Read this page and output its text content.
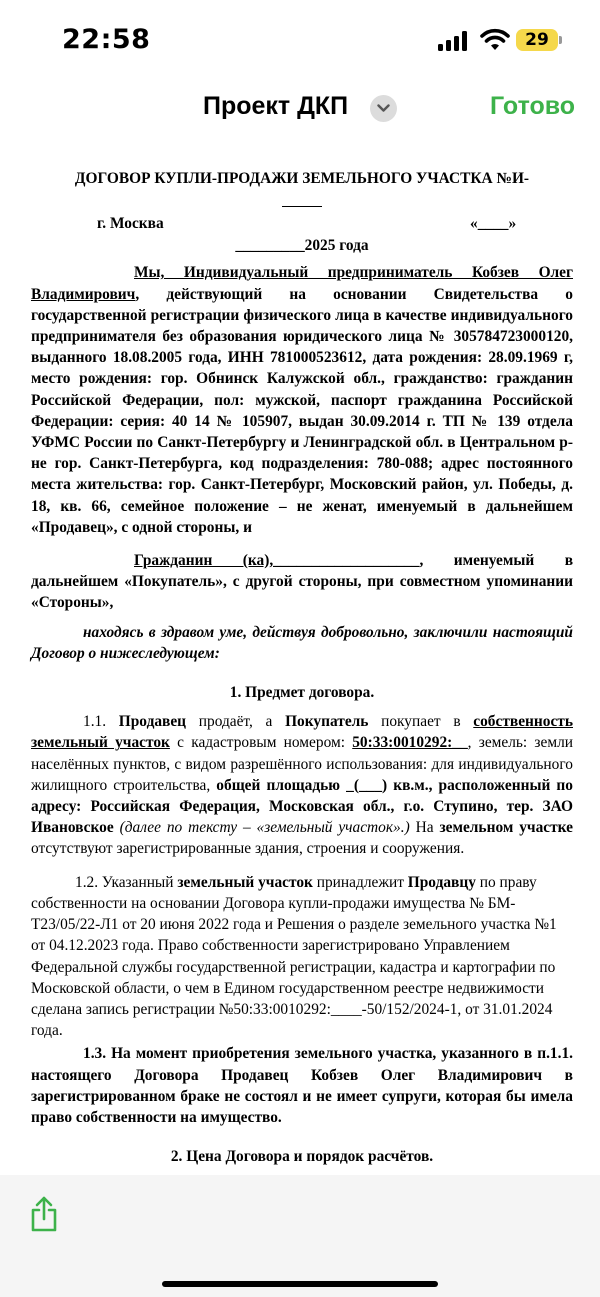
22:58	29
Проект ДКП	Готово
ДОГОВОР КУПЛИ-ПРОДАЖИ ЗЕМЕЛЬНОГО УЧАСТКА №И-
г. Москва	«____»
_________2025 года

Мы, Индивидуальный предприниматель Кобзев Олег Владимирович, действующий на основании Свидетельства о государственной регистрации физического лица в качестве индивидуального предпринимателя без образования юридического лица № 305784723000120, выданного 18.08.2005 года, ИНН 781000523612, дата рождения: 28.09.1969 г, место рождения: гор. Обнинск Калужской обл., гражданство: гражданин Российской Федерации, пол: мужской, паспорт гражданина Российской Федерации: серия: 40 14 № 105907, выдан 30.09.2014 г. ТП № 139 отдела УФМС России по Санкт-Петербургу и Ленинградской обл. в Центральном р-не гор. Санкт-Петербурга, код подразделения: 780-088; адрес постоянного места жительства: гор. Санкт-Петербург, Московский район, ул. Победы, д. 18, кв. 66, семейное положение – не женат, именуемый в дальнейшем «Продавец», с одной стороны, и

Гражданин (ка),___________________, именуемый в дальнейшем «Покупатель», с другой стороны, при совместном упоминании «Стороны»,

находясь в здравом уме, действуя добровольно, заключили настоящий Договор о нижеследующем:

1. Предмет договора.

1.1. Продавец продаёт, а Покупатель покупает в собственность земельный участок с кадастровым номером: 50:33:0010292:__, земель: земли населённых пунктов, с видом разрешённого использования: для индивидуального жилищного строительства, общей площадью _(___) кв.м., расположенный по адресу: Российская Федерация, Московская обл., г.о. Ступино, тер. ЗАО Ивановское (далее по тексту – «земельный участок».) На земельном участке отсутствуют зарегистрированные здания, строения и сооружения.

1.2. Указанный земельный участок принадлежит Продавцу по праву собственности на основании Договора купли-продажи имущества № БМ-Т23/05/22-Л1 от 20 июня 2022 года и Решения о разделе земельного участка №1 от 04.12.2023 года. Право собственности зарегистрировано Управлением Федеральной службы государственной регистрации, кадастра и картографии по Московской области, о чем в Едином государственном реестре недвижимости сделана запись регистрации №50:33:0010292:____-50/152/2024-1, от 31.01.2024 года.

1.3. На момент приобретения земельного участка, указанного в п.1.1. настоящего Договора Продавец Кобзев Олег Владимирович в зарегистрированном браке не состоял и не имеет супруги, которая бы имела право собственности на имущество.

2. Цена Договора и порядок расчётов.
